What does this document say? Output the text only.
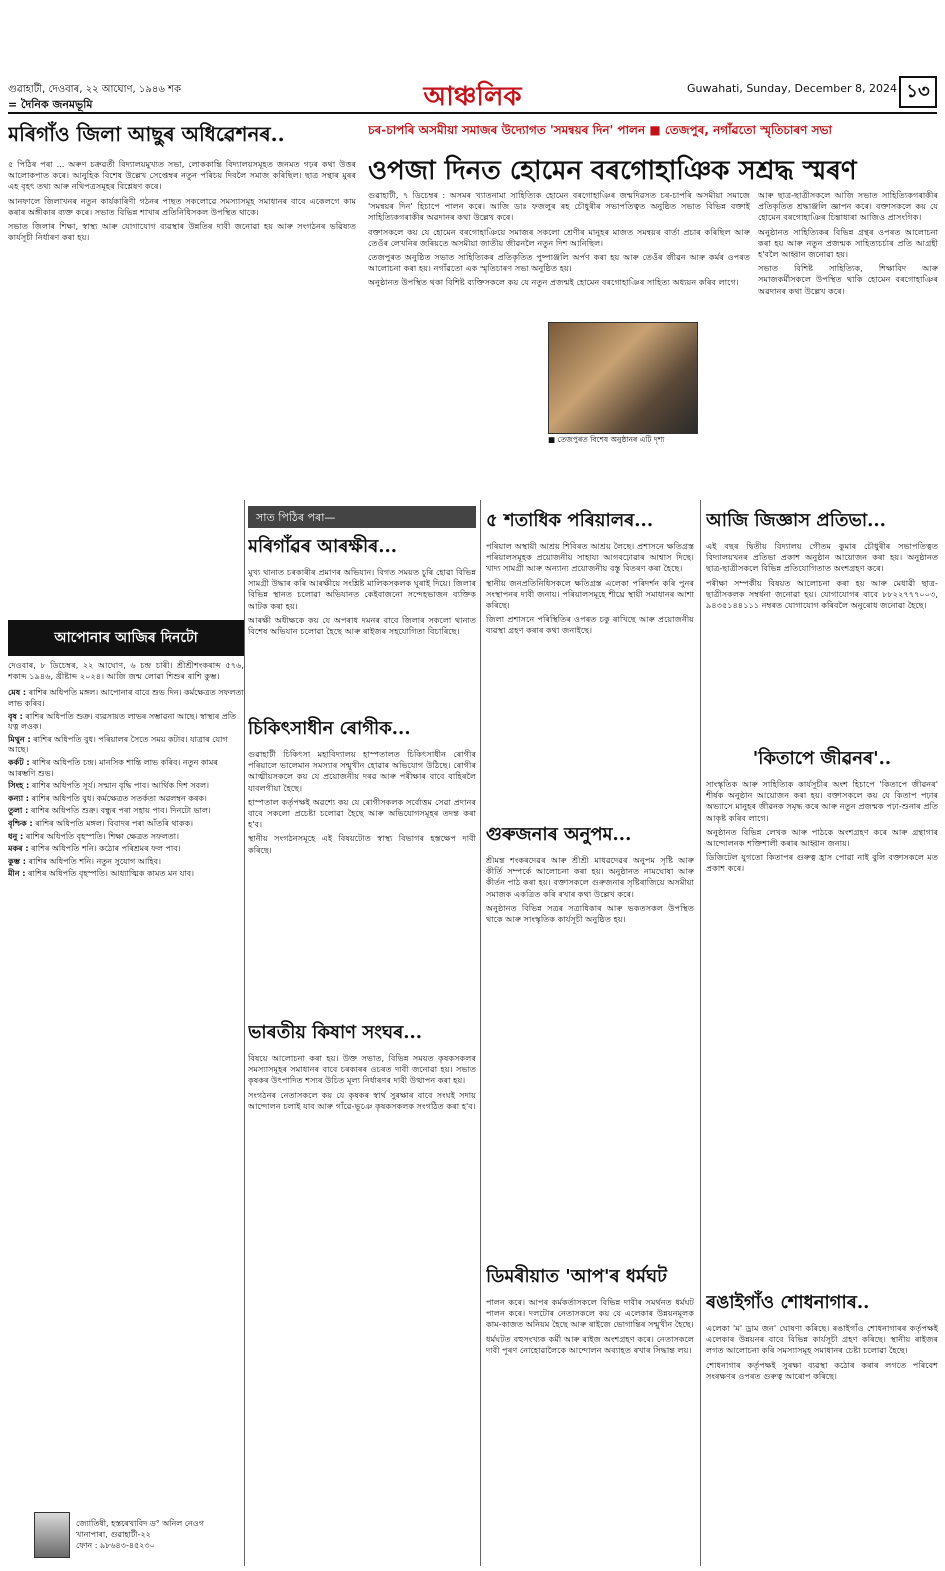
গুৱাহাটী, দেওবাৰ, ২২ আঘোণ, ১৯৪৬ শক
= দৈনিক জনমভূমি	আঞ্চলিক	Guwahati, Sunday, December 8, 2024 ১৩
মৰিগাঁও জিলা আছুৰ অধিৱেশনৰ..

৫ পিঠিৰ পৰা ... অৰুণ চক্ৰৱৰ্তী বিদ্যালয়মুখ্যত সভা, লোককান্তি বিদ্যালয়সমূহত জনমত গঢ়ৰ কথা উত্তৰ আলোকপাত কৰে। আনুহিক বিশেষ উল্লেখ সেপ্তেম্বৰ নতুন পৰিচয় দিবলৈ সমাজ কৰিছিল। ছাত্ৰ সন্থাৰ মুৰৰ এহ বৃহৎ তথ্য আৰু নথিপত্ৰসমূহৰ বিশ্লেষণ কৰে।

আনফালে জিলাখনৰ নতুন কাৰ্যকাৰিণী গঠনৰ পাছত সকলোৱে সমস্যাসমূহ সমাধানৰ বাবে একেলগে কাম কৰাৰ অঙ্গীকাৰ ব্যক্ত কৰে। সভাত বিভিন্ন শাখাৰ প্ৰতিনিধিসকল উপস্থিত থাকে।

সভাত জিলাৰ শিক্ষা, স্বাস্থ্য আৰু যোগাযোগ ব্যৱস্থাৰ উন্নতিৰ দাবী জনোৱা হয় আৰু সংগঠনৰ ভৱিষ্যত কাৰ্যসূচী নিৰ্ধাৰণ কৰা হয়।

আপোনাৰ আজিৰ দিনটো
দেওবাৰ, ৮ ডিচেম্বৰ, ২২ আঘোণ, ৬ চন্দ্ৰ চাৰী। শ্ৰীশ্ৰীশংকৰাব্দ ৫৭৬, শকাব্দ ১৯৪৬, খ্ৰীষ্টাব্দ ২০২৪। আজি জন্ম লোৱা শিশুৰ ৰাশি কুম্ভ।
মেষ : ৰাশিৰ অধিপতি মঙ্গল। আপোনাৰ বাবে শুভ দিন। কৰ্মক্ষেত্ৰত সফলতা লাভ কৰিব।
বৃষ : ৰাশিৰ অধিপতি শুক্ৰ। ব্যৱসায়ত লাভৰ সম্ভাৱনা আছে। স্বাস্থ্যৰ প্ৰতি যত্ন লওক।
মিথুন : ৰাশিৰ অধিপতি বুধ। পৰিয়ালৰ সৈতে সময় কটাব। যাত্ৰাৰ যোগ আছে।
কৰ্কট : ৰাশিৰ অধিপতি চন্দ্ৰ। মানসিক শান্তি লাভ কৰিব। নতুন কামৰ আৰম্ভণি শুভ।
সিংহ : ৰাশিৰ অধিপতি সূৰ্য। সন্মান বৃদ্ধি পাব। আৰ্থিক দিশ সবল।
কন্যা : ৰাশিৰ অধিপতি বুধ। কৰ্মক্ষেত্ৰত সতৰ্কতা অৱলম্বন কৰক।
তুলা : ৰাশিৰ অধিপতি শুক্ৰ। বন্ধুৰ পৰা সহায় পাব। দিনটো ভাল।
বৃশ্চিক : ৰাশিৰ অধিপতি মঙ্গল। বিবাদৰ পৰা আঁতৰি থাকক।
ধনু : ৰাশিৰ অধিপতি বৃহস্পতি। শিক্ষা ক্ষেত্ৰত সফলতা।
মকৰ : ৰাশিৰ অধিপতি শনি। কঠোৰ পৰিশ্ৰমৰ ফল পাব।
কুম্ভ : ৰাশিৰ অধিপতি শনি। নতুন সুযোগ আহিব।
মীন : ৰাশিৰ অধিপতি বৃহস্পতি। আধ্যাত্মিক কামত মন যাব।
জ্যোতিষী, হস্তৰেখাবিদ ড° অনিল নেওগ
খানাপাৰা, গুৱাহাটী-২২
ফোন : ৯৮৬৪৩-৪৫২৩০
চৰ-চাপৰি অসমীয়া সমাজৰ উদ্যোগত 'সমন্বয়ৰ দিন' পালন ■ তেজপুৰ, নগাঁৱতো স্মৃতিচাৰণ সভা
ওপজা দিনত হোমেন বৰগোহাঞিক সশ্ৰদ্ধ স্মৰণ

গুৱাহাটী, ৭ ডিচেম্বৰ : অসমৰ খ্যাতনামা সাহিত্যিক হোমেন বৰগোহাঞিৰ জন্মদিৱসত চৰ-চাপৰি অসমীয়া সমাজে 'সমন্বয়ৰ দিন' হিচাপে পালন কৰে। আজি ডাঃ ফজলুৰ ৰহ চৌধুৰীৰ সভাপতিত্বত অনুষ্ঠিত সভাত বিভিন্ন বক্তাই সাহিত্যিকগৰাকীৰ অৱদানৰ কথা উল্লেখ কৰে।

বক্তাসকলে কয় যে হোমেন বৰগোহাঞিয়ে সমাজৰ সকলো শ্ৰেণীৰ মানুহৰ মাজত সমন্বয়ৰ বাৰ্তা প্ৰচাৰ কৰিছিল আৰু তেওঁৰ লেখনিৰ জৰিয়তে অসমীয়া জাতীয় জীৱনলৈ নতুন দিশ আনিছিল।

তেজপুৰত অনুষ্ঠিত সভাত সাহিত্যিকৰ প্ৰতিকৃতিত পুষ্পাঞ্জলি অৰ্পণ কৰা হয় আৰু তেওঁৰ জীৱন আৰু কৰ্মৰ ওপৰত আলোচনা কৰা হয়। নগাঁৱতো এক স্মৃতিচাৰণ সভা অনুষ্ঠিত হয়।

অনুষ্ঠানত উপস্থিত থকা বিশিষ্ট ব্যক্তিসকলে কয় যে নতুন প্ৰজন্মই হোমেন বৰগোহাঞিৰ সাহিত্য অধ্যয়ন কৰিব লাগে।

■ তেজপুৰত বিশেষ অনুষ্ঠানৰ এটি দৃশ্য

আৰু ছাত্ৰ-ছাত্ৰীসকলে আজি সভাত সাহিত্যিকগৰাকীৰ প্ৰতিকৃতিত শ্ৰদ্ধাঞ্জলি জ্ঞাপন কৰে। বক্তাসকলে কয় যে হোমেন বৰগোহাঞিৰ চিন্তাধাৰা আজিও প্ৰাসংগিক।

অনুষ্ঠানত সাহিত্যিকৰ বিভিন্ন গ্ৰন্থৰ ওপৰত আলোচনা কৰা হয় আৰু নতুন প্ৰজন্মক সাহিত্যচৰ্চাৰ প্ৰতি আগ্ৰহী হ'বলৈ আহ্বান জনোৱা হয়।

সভাত বিশিষ্ট সাহিত্যিক, শিক্ষাবিদ আৰু সমাজকৰ্মীসকলে উপস্থিত থাকি হোমেন বৰগোহাঞিৰ অৱদানৰ কথা উল্লেখ কৰে।

সাত পিঠিৰ পৰা—
মৰিগাঁৱৰ আৰক্ষীৰ...

মুখ্য থানাত চৰকাৰীৰ প্ৰমাণৰ অভিযান। বিগত সময়ত চুৰি হোৱা বিভিন্ন সামগ্ৰী উদ্ধাৰ কৰি আৰক্ষীয়ে সংশ্লিষ্ট মালিকসকলক ঘূৰাই দিয়ে। জিলাৰ বিভিন্ন স্থানত চলোৱা অভিযানত কেইবাজনো সন্দেহভাজন ব্যক্তিক আটক কৰা হয়।

আৰক্ষী অধীক্ষকে কয় যে অপৰাধ দমনৰ বাবে জিলাৰ সকলো থানাত বিশেষ অভিযান চলোৱা হৈছে আৰু ৰাইজৰ সহযোগিতা বিচাৰিছে।

চিকিৎসাধীন ৰোগীক...

গুৱাহাটী চিকিৎসা মহাবিদ্যালয় হাস্পতালত চিকিৎসাধীন ৰোগীৰ পৰিয়ালে ভালেমান সমস্যাৰ সন্মুখীন হোৱাৰ অভিযোগ উঠিছে। ৰোগীৰ আত্মীয়সকলে কয় যে প্ৰয়োজনীয় দৰৱ আৰু পৰীক্ষাৰ বাবে বাহিৰলৈ যাবলগীয়া হৈছে।

হাস্পতাল কৰ্তৃপক্ষই অৱশ্যে কয় যে ৰোগীসকলক সৰ্বোত্তম সেৱা প্ৰদানৰ বাবে সকলো প্ৰচেষ্টা চলোৱা হৈছে আৰু অভিযোগসমূহৰ তদন্ত কৰা হ'ব।

স্থানীয় সংগঠনসমূহে এই বিষয়টোত স্বাস্থ্য বিভাগৰ হস্তক্ষেপ দাবী কৰিছে।

ভাৰতীয় কিষাণ সংঘৰ...

বিষয়ে আলোচনা কৰা হয়। উক্ত সভাত, বিভিন্ন সময়ত কৃষকসকলৰ সমস্যাসমূহৰ সমাধানৰ বাবে চৰকাৰৰ ওচৰত দাবী জনোৱা হয়। সভাত কৃষকৰ উৎপাদিত শস্যৰ উচিত মূল্য নিৰ্ধাৰণৰ দাবী উত্থাপন কৰা হয়।

সংগঠনৰ নেতাসকলে কয় যে কৃষকৰ স্বাৰ্থ সুৰক্ষাৰ বাবে সংঘই সদায় আন্দোলন চলাই যাব আৰু গাঁৱে-ভূঞে কৃষকসকলক সংগঠিত কৰা হ'ব।

৫ শতাধিক পৰিয়ালৰ...

পৰিয়াল অস্থায়ী আশ্ৰয় শিবিৰত আশ্ৰয় লৈছে। প্ৰশাসনে ক্ষতিগ্ৰস্ত পৰিয়ালসমূহক প্ৰয়োজনীয় সাহায্য আগবঢ়োৱাৰ আশ্বাস দিছে। খাদ্য সামগ্ৰী আৰু অন্যান্য প্ৰয়োজনীয় বস্তু বিতৰণ কৰা হৈছে।

স্থানীয় জনপ্ৰতিনিধিসকলে ক্ষতিগ্ৰস্ত এলেকা পৰিদৰ্শন কৰি পুনৰ সংস্থাপনৰ দাবী জনায়। পৰিয়ালসমূহে শীঘ্ৰে স্থায়ী সমাধানৰ আশা কৰিছে।

জিলা প্ৰশাসনে পৰিস্থিতিৰ ওপৰত চকু ৰাখিছে আৰু প্ৰয়োজনীয় ব্যৱস্থা গ্ৰহণ কৰাৰ কথা জনাইছে।

গুৰুজনাৰ অনুপম...

শ্ৰীমন্ত শংকৰদেৱৰ আৰু শ্ৰীশ্ৰী মাধৱদেৱৰ অনুপম সৃষ্টি আৰু কীৰ্তি সম্পৰ্কে আলোচনা কৰা হয়। অনুষ্ঠানত নামঘোষা আৰু কীৰ্তন পাঠ কৰা হয়। বক্তাসকলে গুৰুজনাৰ সৃষ্টিৰাজিয়ে অসমীয়া সমাজক একত্ৰিত কৰি ৰখাৰ কথা উল্লেখ কৰে।

অনুষ্ঠানত বিভিন্ন সত্ৰৰ সত্ৰাধিকাৰ আৰু ভকতসকল উপস্থিত থাকে আৰু সাংস্কৃতিক কাৰ্যসূচী অনুষ্ঠিত হয়।

ডিমৰীয়াত 'আপ'ৰ ধৰ্মঘট

পালন কৰে। আপৰ কৰ্মকৰ্তাসকলে বিভিন্ন দাবীৰ সমৰ্থনত ধৰ্মঘট পালন কৰে। দলটোৰ নেতাসকলে কয় যে এলেকাৰ উন্নয়নমূলক কাম-কাজত অনিয়ম হৈছে আৰু ৰাইজে ভোগান্তিৰ সন্মুখীন হৈছে।

ধৰ্মঘটত বহুসংখ্যক কৰ্মী আৰু ৰাইজ অংশগ্ৰহণ কৰে। নেতাসকলে দাবী পূৰণ নোহোৱালৈকে আন্দোলন অব্যাহত ৰখাৰ সিদ্ধান্ত লয়।

আজি জিজ্ঞাস প্ৰতিভা...

এই বছৰ দ্বিতীয় বিদ্যালয় গৌতম কুমাৰ চৌধুৰীৰ সভাপতিত্বত বিদ্যালয়খনৰ প্ৰতিভা প্ৰকাশ অনুষ্ঠান আয়োজন কৰা হয়। অনুষ্ঠানত ছাত্ৰ-ছাত্ৰীসকলে বিভিন্ন প্ৰতিযোগিতাত অংশগ্ৰহণ কৰে।

পৰীক্ষা সম্পৰ্কীয় বিষয়ত আলোচনা কৰা হয় আৰু মেধাৱী ছাত্ৰ-ছাত্ৰীসকলক সম্বৰ্ধনা জনোৱা হয়। যোগাযোগৰ বাবে ৮৮২২৭৭৭০০৩, ৯৪৩৫১৪৪১১১ নম্বৰত যোগাযোগ কৰিবলৈ অনুৰোধ জনোৱা হৈছে।

'কিতাপে জীৱনৰ'..

সাংস্কৃতিক আৰু সাহিত্যিক কাৰ্যসূচীৰ অংশ হিচাপে 'কিতাপে জীৱনৰ' শীৰ্ষক অনুষ্ঠান আয়োজন কৰা হয়। বক্তাসকলে কয় যে কিতাপ পঢ়াৰ অভ্যাসে মানুহৰ জীৱনক সমৃদ্ধ কৰে আৰু নতুন প্ৰজন্মক পঢ়া-শুনাৰ প্ৰতি আকৃষ্ট কৰিব লাগে।

অনুষ্ঠানত বিভিন্ন লেখক আৰু পাঠকে অংশগ্ৰহণ কৰে আৰু গ্ৰন্থাগাৰ আন্দোলনক শক্তিশালী কৰাৰ আহ্বান জনায়।

ডিজিটেল যুগতো কিতাপৰ গুৰুত্ব হ্ৰাস পোৱা নাই বুলি বক্তাসকলে মত প্ৰকাশ কৰে।

ৰঙাইগাঁও শোধনাগাৰ..

এলেকা 'ম' ড্ৰাম জন' ঘোষণা কৰিছে। ৰঙাইগাঁও শোধনাগাৰৰ কৰ্তৃপক্ষই এলেকাৰ উন্নয়নৰ বাবে বিভিন্ন কাৰ্যসূচী গ্ৰহণ কৰিছে। স্থানীয় ৰাইজৰ লগত আলোচনা কৰি সমস্যাসমূহ সমাধানৰ চেষ্টা চলোৱা হৈছে।

শোধনাগাৰ কৰ্তৃপক্ষই সুৰক্ষা ব্যৱস্থা কঠোৰ কৰাৰ লগতে পৰিবেশ সংৰক্ষণৰ ওপৰত গুৰুত্ব আৰোপ কৰিছে।
